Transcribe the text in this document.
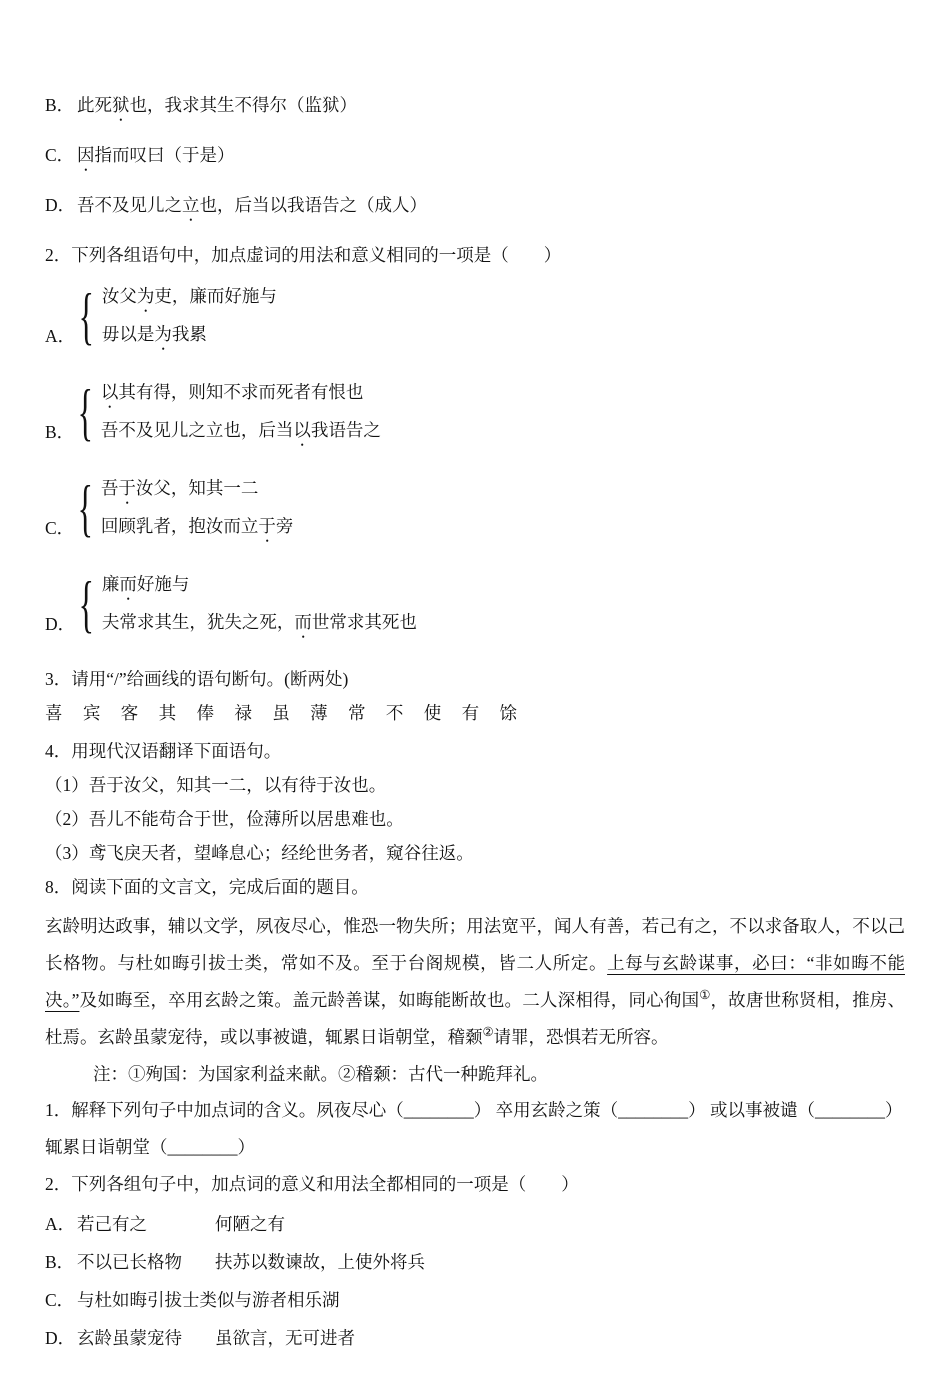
B． 此死狱也，我求其生不得尔（监狱）
C． 因指而叹曰（于是）
D． 吾不及见儿之立也，后当以我语告之（成人）
2．下列各组语句中，加点虚词的用法和意义相同的一项是（　　）
A． { 汝父为吏，廉而好施与
毋以是为我累
B． { 以其有得，则知不求而死者有恨也
吾不及见儿之立也，后当以我语告之
C． { 吾于汝父，知其一二
回顾乳者，抱汝而立于旁
D． { 廉而好施与
夫常求其生，犹失之死，而世常求其死也
3．请用“/”给画线的语句断句。(断两处)
喜 宾 客 其 俸 禄 虽 薄 常 不 使 有 馀
4．用现代汉语翻译下面语句。
（1）吾于汝父，知其一二，以有待于汝也。
（2）吾儿不能苟合于世，俭薄所以居患难也。
（3）鸢飞戾天者，望峰息心；经纶世务者，窥谷往返。
8．阅读下面的文言文，完成后面的题目。

玄龄明达政事，辅以文学，夙夜尽心，惟恐一物失所；用法宽平，闻人有善，若己有之，不以求备取人，不以己长格物。与杜如晦引拔士类，常如不及。至于台阁规模，皆二人所定。上每与玄龄谋事，必曰：“非如晦不能决。”及如晦至，卒用玄龄之策。盖元龄善谋，如晦能断故也。二人深相得，同心徇国①，故唐世称贤相，推房、杜焉。玄龄虽蒙宠待，或以事被谴，辄累日诣朝堂，稽颡②请罪，恐惧若无所容。

注：①殉国：为国家利益来献。②稽颡：古代一种跪拜礼。

1．解释下列句子中加点词的含义。夙夜尽心（________） 卒用玄龄之策（________） 或以事被谴（________） 辄累日诣朝堂（________）
2．下列各组句子中，加点词的意义和用法全都相同的一项是（　　）
A． 若己有之	何陋之有
B． 不以已长格物 扶苏以数谏故，上使外将兵
C． 与杜如晦引拔士类似与游者相乐湖
D． 玄龄虽蒙宠待 虽欲言，无可进者
